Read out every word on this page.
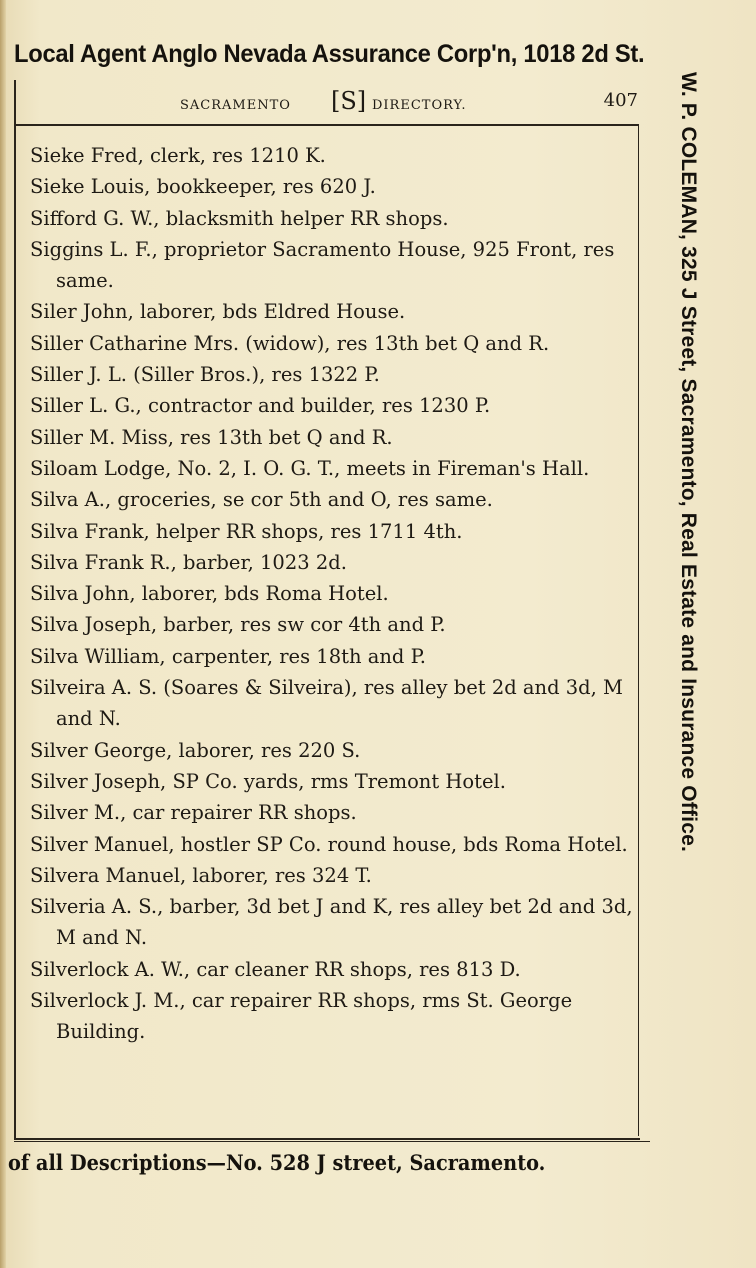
Local Agent Anglo Nevada Assurance Corp'n, 1018 2d St.
SACRAMENTO [S] DIRECTORY.	407

Sieke Fred, clerk, res 1210 K.

Sieke Louis, bookkeeper, res 620 J.

Sifford G. W., blacksmith helper RR shops.

Siggins L. F., proprietor Sacramento House, 925 Front, res same.

Siler John, laborer, bds Eldred House.

Siller Catharine Mrs. (widow), res 13th bet Q and R.

Siller J. L. (Siller Bros.), res 1322 P.

Siller L. G., contractor and builder, res 1230 P.

Siller M. Miss, res 13th bet Q and R.

Siloam Lodge, No. 2, I. O. G. T., meets in Fireman's Hall.

Silva A., groceries, se cor 5th and O, res same.

Silva Frank, helper RR shops, res 1711 4th.

Silva Frank R., barber, 1023 2d.

Silva John, laborer, bds Roma Hotel.

Silva Joseph, barber, res sw cor 4th and P.

Silva William, carpenter, res 18th and P.

Silveira A. S. (Soares & Silveira), res alley bet 2d and 3d, M and N.

Silver George, laborer, res 220 S.

Silver Joseph, SP Co. yards, rms Tremont Hotel.

Silver M., car repairer RR shops.

Silver Manuel, hostler SP Co. round house, bds Roma Hotel.

Silvera Manuel, laborer, res 324 T.

Silveria A. S., barber, 3d bet J and K, res alley bet 2d and 3d, M and N.

Silverlock A. W., car cleaner RR shops, res 813 D.

Silverlock J. M., car repairer RR shops, rms St. George Building.

W. P. COLEMAN, 325 J Street, Sacramento, Real Estate and Insurance Office.
of all Descriptions—No. 528 J street, Sacramento.
